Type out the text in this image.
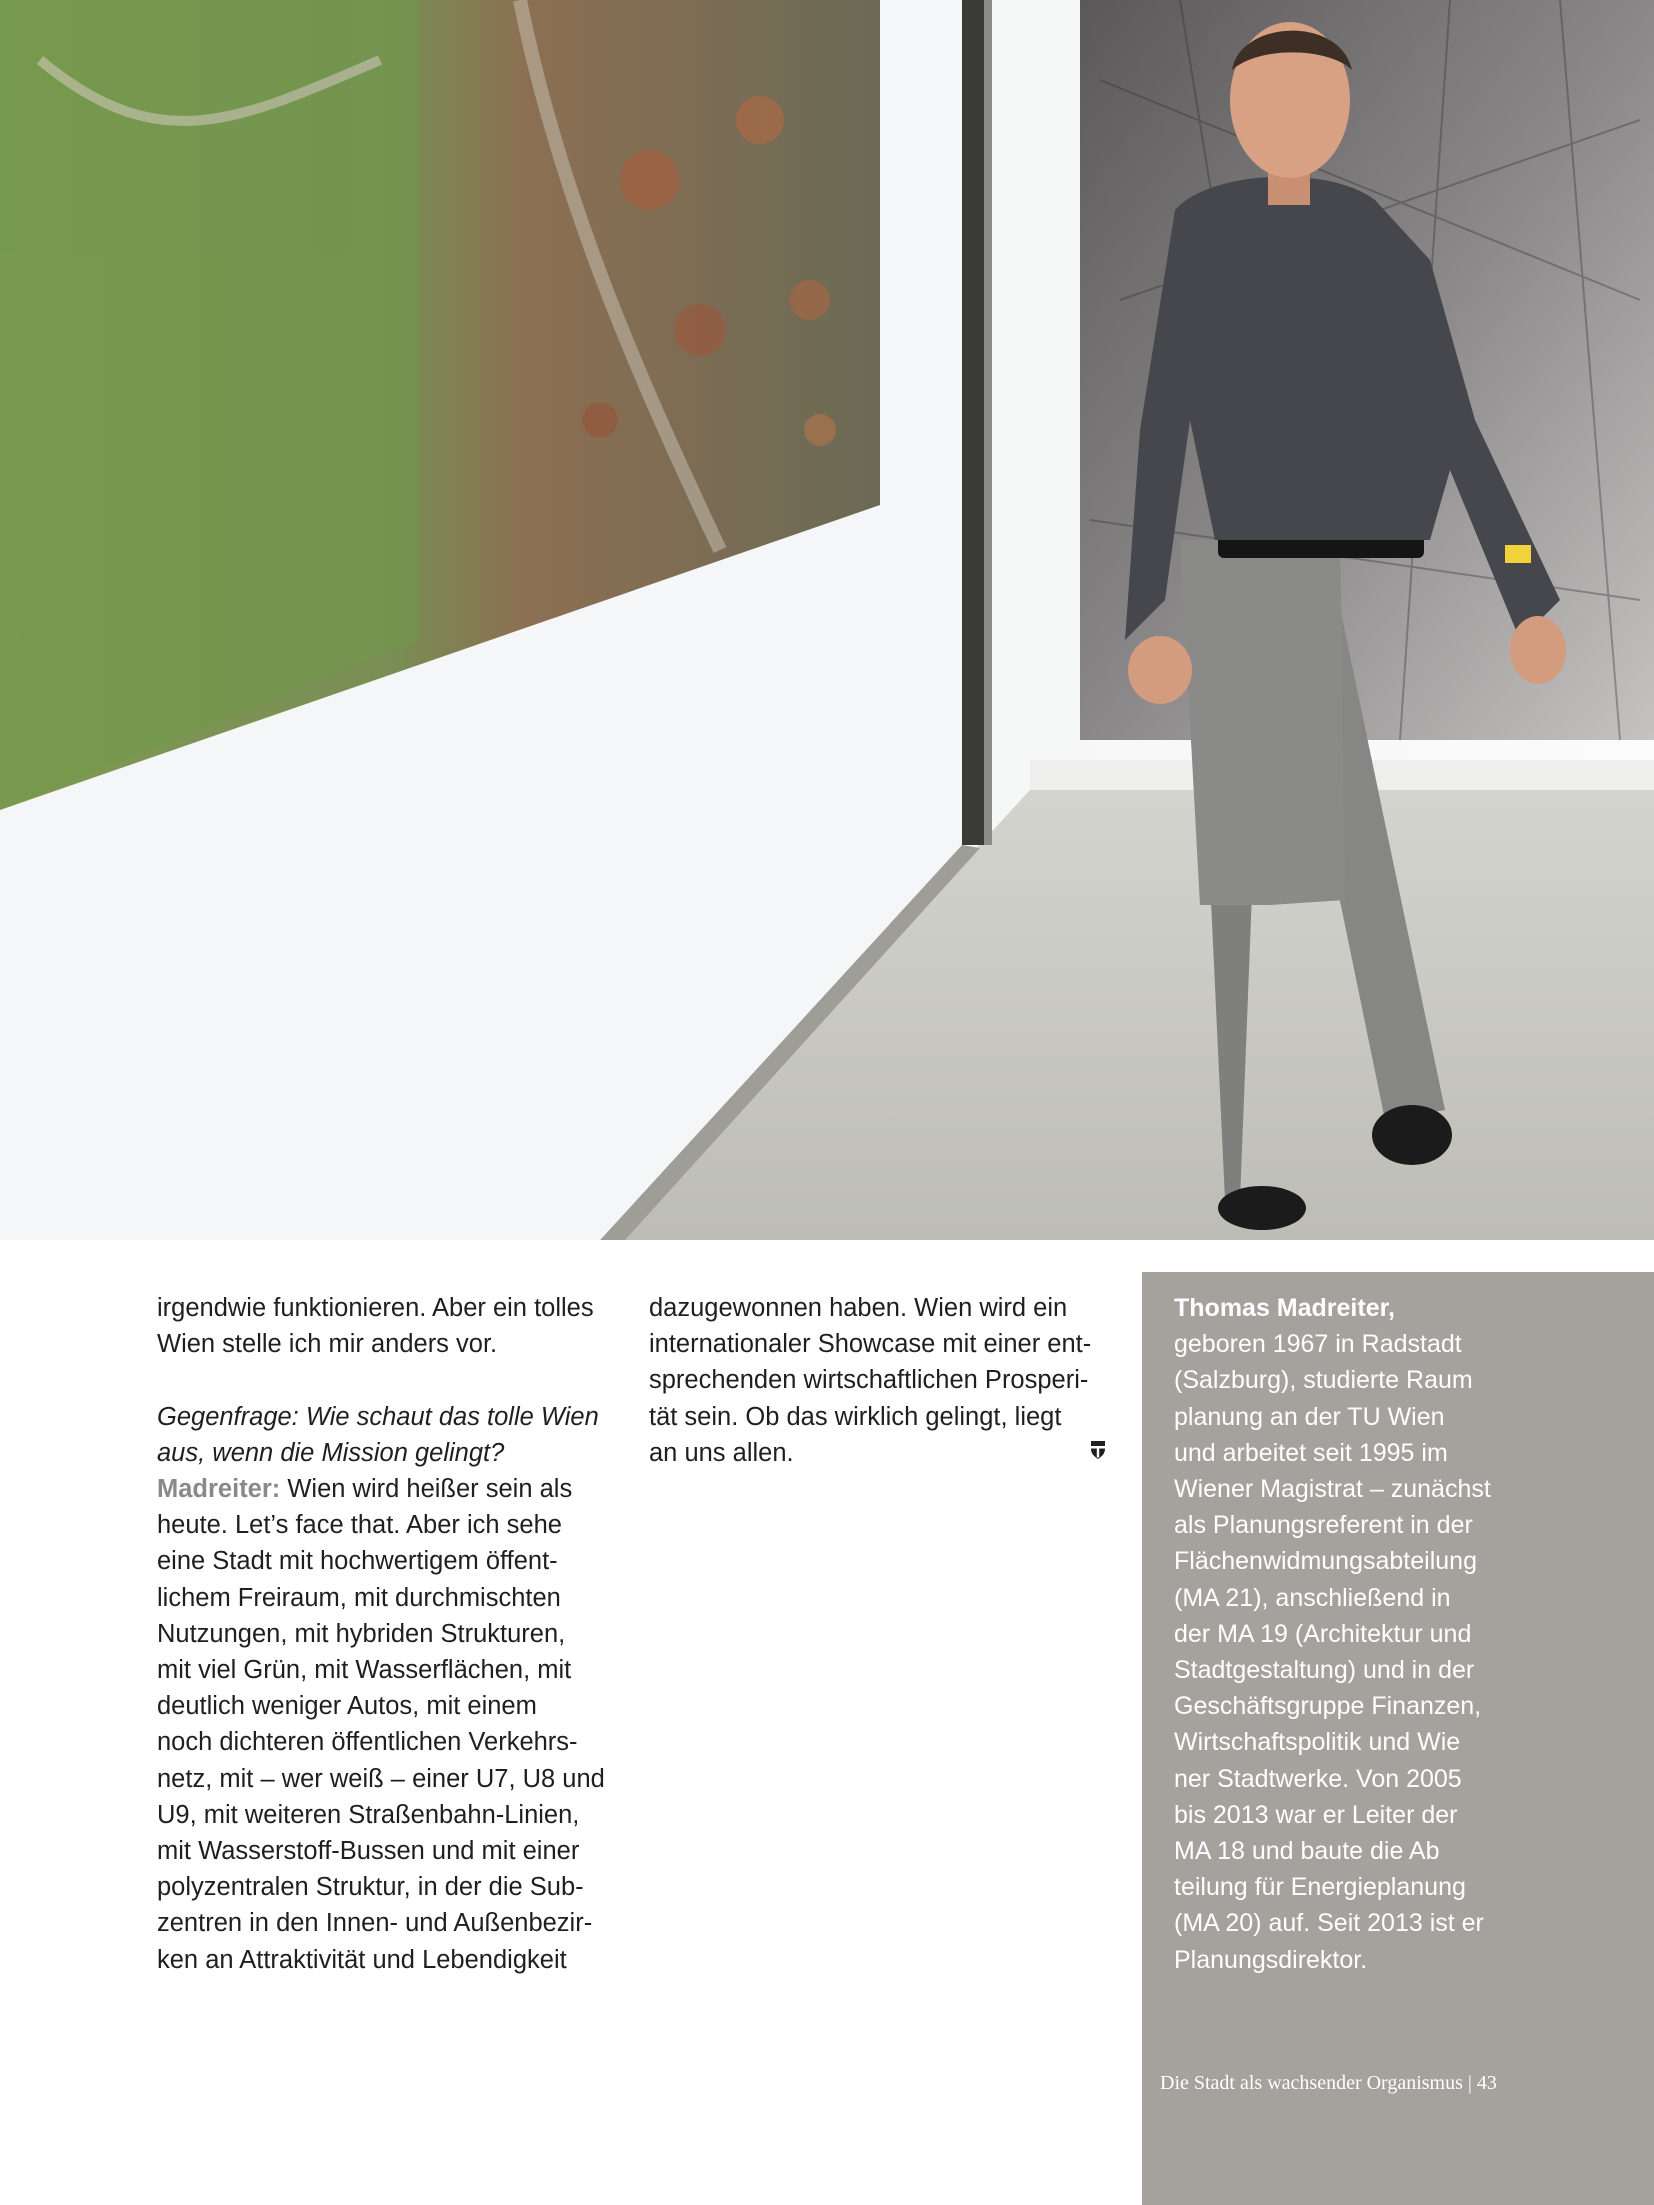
irgendwie funktionieren. Aber ein tolles
Wien stelle ich mir anders vor.
Gegenfrage: Wie schaut das tolle Wien
aus, wenn die Mission gelingt?
Madreiter: Wien wird heißer sein als
heute. Let’s face that. Aber ich sehe
eine Stadt mit hochwertigem öffent-
lichem Freiraum, mit durchmischten
Nutzungen, mit hybriden Strukturen,
mit viel Grün, mit Wasserflächen, mit
deutlich weniger Autos, mit einem
noch dichteren öffentlichen Verkehrs-
netz, mit – wer weiß – einer U7, U8 und
U9, mit weiteren Straßenbahn-Linien,
mit Wasserstoff-Bussen und mit einer
polyzentralen Struktur, in der die Sub-
zentren in den Innen- und Außenbezir-
ken an Attraktivität und Lebendigkeit
dazugewonnen haben. Wien wird ein
internationaler Showcase mit einer ent-
sprechenden wirtschaftlichen Prosperi-
tät sein. Ob das wirklich gelingt, liegt
an uns allen.
Thomas Madreiter,
geboren 1967 in Radstadt
(Salzburg), studierte Raum
planung an der TU Wien
und arbeitet seit 1995 im
Wiener Magistrat – zunächst
als Planungsreferent in der
Flächenwidmungsabteilung
(MA 21), anschließend in
der MA 19 (Architektur und
Stadtgestaltung) und in der
Geschäftsgruppe Finanzen,
Wirtschaftspolitik und Wie
ner Stadtwerke. Von 2005
bis 2013 war er Leiter der
MA 18 und baute die Ab
teilung für Energieplanung
(MA 20) auf. Seit 2013 ist er
Planungsdirektor.
Die Stadt als wachsender Organismus | 43
